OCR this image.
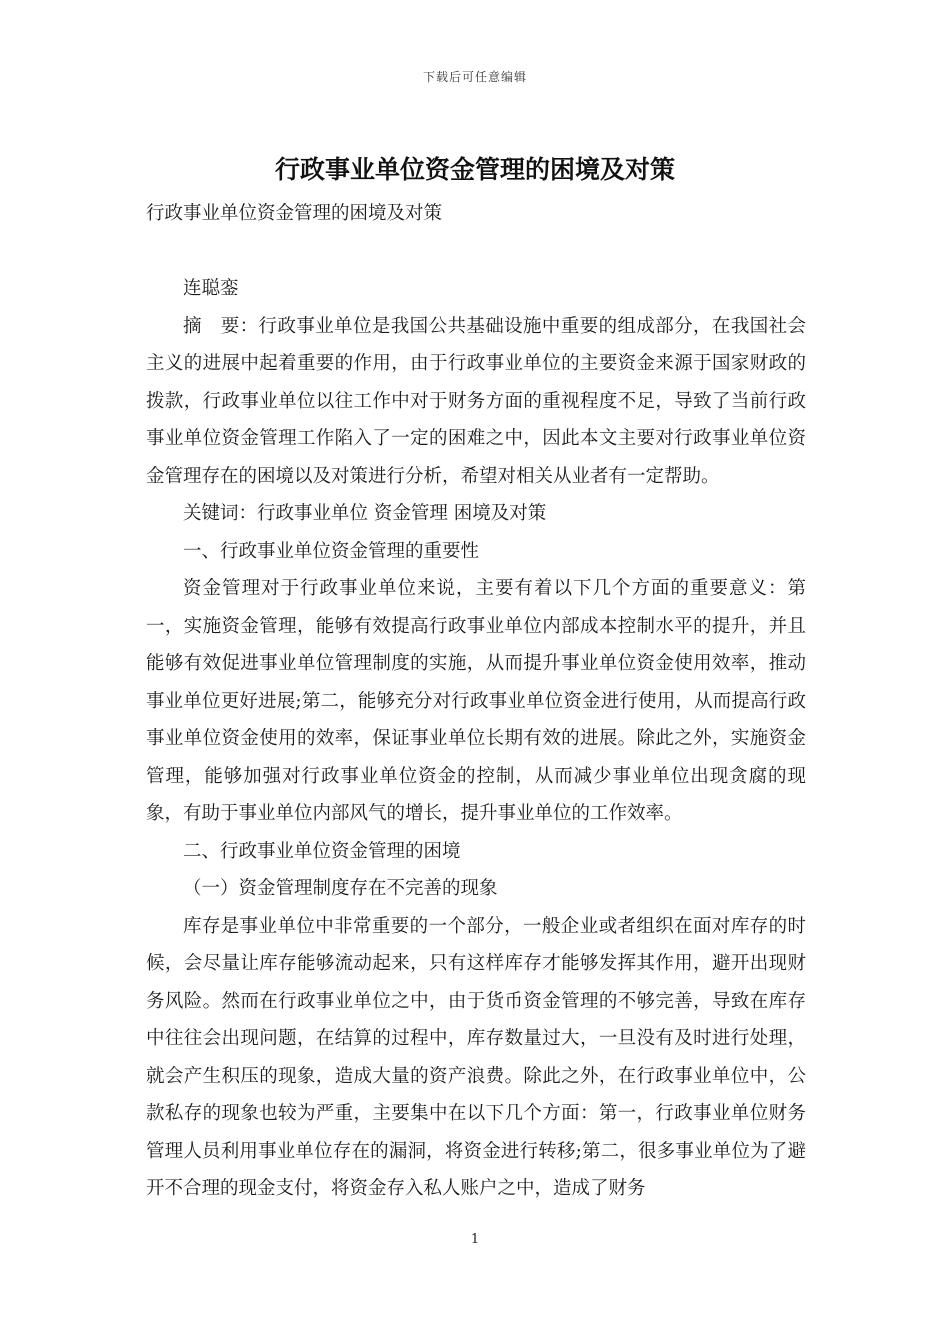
下载后可任意编辑
行政事业单位资金管理的困境及对策

行政事业单位资金管理的困境及对策

连聪銮

摘　要：行政事业单位是我国公共基础设施中重要的组成部分，在我国社会主义的进展中起着重要的作用，由于行政事业单位的主要资金来源于国家财政的拨款，行政事业单位以往工作中对于财务方面的重视程度不足，导致了当前行政事业单位资金管理工作陷入了一定的困难之中，因此本文主要对行政事业单位资金管理存在的困境以及对策进行分析，希望对相关从业者有一定帮助。

关键词：行政事业单位 资金管理 困境及对策

一、行政事业单位资金管理的重要性

资金管理对于行政事业单位来说，主要有着以下几个方面的重要意义：第一，实施资金管理，能够有效提高行政事业单位内部成本控制水平的提升，并且能够有效促进事业单位管理制度的实施，从而提升事业单位资金使用效率，推动事业单位更好进展;第二，能够充分对行政事业单位资金进行使用，从而提高行政事业单位资金使用的效率，保证事业单位长期有效的进展。除此之外，实施资金管理，能够加强对行政事业单位资金的控制，从而减少事业单位出现贪腐的现象，有助于事业单位内部风气的增长，提升事业单位的工作效率。

二、行政事业单位资金管理的困境

（一）资金管理制度存在不完善的现象

库存是事业单位中非常重要的一个部分，一般企业或者组织在面对库存的时候，会尽量让库存能够流动起来，只有这样库存才能够发挥其作用，避开出现财务风险。然而在行政事业单位之中，由于货币资金管理的不够完善，导致在库存中往往会出现问题，在结算的过程中，库存数量过大，一旦没有及时进行处理，就会产生积压的现象，造成大量的资产浪费。除此之外，在行政事业单位中，公款私存的现象也较为严重，主要集中在以下几个方面：第一，行政事业单位财务管理人员利用事业单位存在的漏洞，将资金进行转移;第二，很多事业单位为了避开不合理的现金支付，将资金存入私人账户之中，造成了财务

1
